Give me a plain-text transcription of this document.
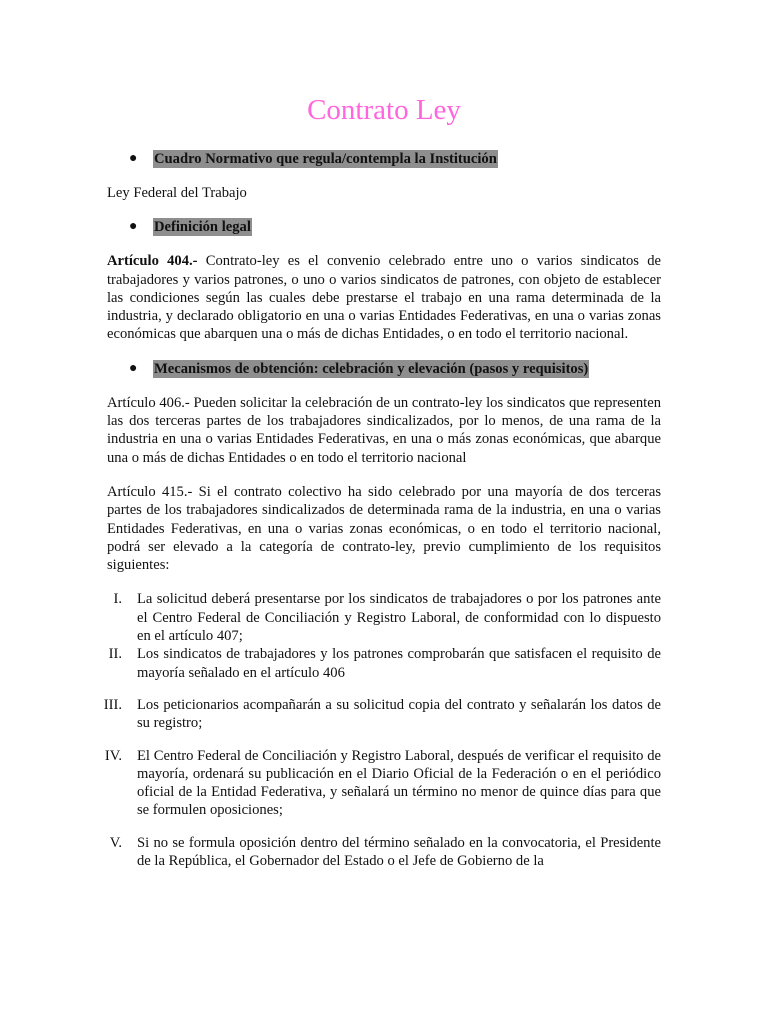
Contrato Ley
●	Cuadro Normativo que regula/contempla la Institución

Ley Federal del Trabajo

●	Definición legal

Artículo 404.- Contrato-ley es el convenio celebrado entre uno o varios sindicatos de trabajadores y varios patrones, o uno o varios sindicatos de patrones, con objeto de establecer las condiciones según las cuales debe prestarse el trabajo en una rama determinada de la industria, y declarado obligatorio en una o varias Entidades Federativas, en una o varias zonas económicas que abarquen una o más de dichas Entidades, o en todo el territorio nacional.

●	Mecanismos de obtención: celebración y elevación (pasos y requisitos)

Artículo 406.- Pueden solicitar la celebración de un contrato-ley los sindicatos que representen las dos terceras partes de los trabajadores sindicalizados, por lo menos, de una rama de la industria en una o varias Entidades Federativas, en una o más zonas económicas, que abarque una o más de dichas Entidades o en todo el territorio nacional

Artículo 415.- Si el contrato colectivo ha sido celebrado por una mayoría de dos terceras partes de los trabajadores sindicalizados de determinada rama de la industria, en una o varias Entidades Federativas, en una o varias zonas económicas, o en todo el territorio nacional, podrá ser elevado a la categoría de contrato-ley, previo cumplimiento de los requisitos siguientes:

I.	La solicitud deberá presentarse por los sindicatos de trabajadores o por los patrones ante el Centro Federal de Conciliación y Registro Laboral, de conformidad con lo dispuesto en el artículo 407;
II.	Los sindicatos de trabajadores y los patrones comprobarán que satisfacen el requisito de mayoría señalado en el artículo 406
III.	Los peticionarios acompañarán a su solicitud copia del contrato y señalarán los datos de su registro;
IV.	El Centro Federal de Conciliación y Registro Laboral, después de verificar el requisito de mayoría, ordenará su publicación en el Diario Oficial de la Federación o en el periódico oficial de la Entidad Federativa, y señalará un término no menor de quince días para que se formulen oposiciones;
V.	Si no se formula oposición dentro del término señalado en la convocatoria, el Presidente de la República, el Gobernador del Estado o el Jefe de Gobierno de la
